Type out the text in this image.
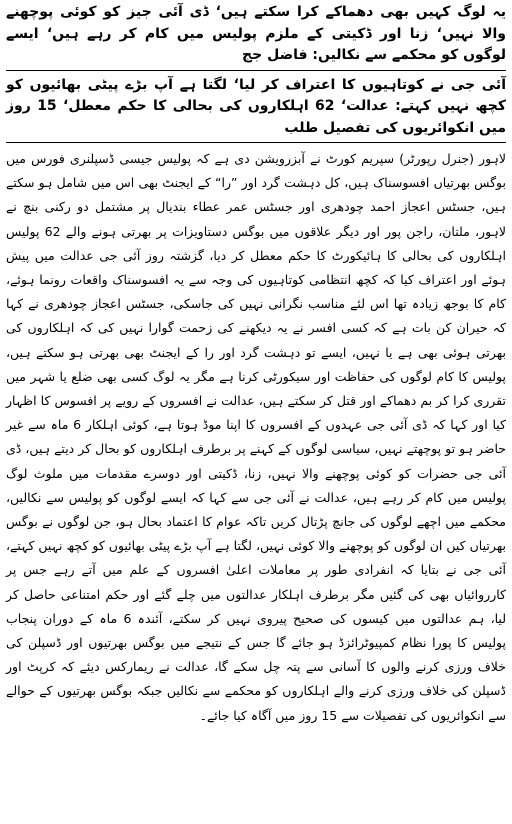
یہ لوگ کہیں بھی دھماکے کرا سکتے ہیں‘ ڈی آئی جیز کو کوئی پوچھنے والا نہیں‘ زنا اور ڈکیتی کے ملزم پولیس میں کام کر رہے ہیں‘ ایسے لوگوں کو محکمے سے نکالیں: فاضل جج

آئی جی نے کوتاہیوں کا اعتراف کر لیا‘ لگتا ہے آپ بڑے پیٹی بھائیوں کو کچھ نہیں کہتے: عدالت‘ 62 اہلکاروں کی بحالی کا حکم معطل‘ 15 روز میں انکوائریوں کی تفصیل طلب

لاہور (جنرل رپورٹر) سپریم کورٹ نے آبزرویشن دی ہے کہ پولیس جیسی ڈسپلنری فورس میں بوگس بھرتیاں افسوسناک ہیں، کل دہشت گرد اور ”را“ کے ایجنٹ بھی اس میں شامل ہو سکتے ہیں، جسٹس اعجاز احمد چودھری اور جسٹس عمر عطاء بندیال پر مشتمل دو رکنی بنچ نے لاہور، ملتان، راجن پور اور دیگر علاقوں میں بوگس دستاویزات پر بھرتی ہونے والے 62 پولیس اہلکاروں کی بحالی کا ہائیکورٹ کا حکم معطل کر دیا، گزشتہ روز آئی جی عدالت میں پیش ہوئے اور اعتراف کیا کہ کچھ انتظامی کوتاہیوں کی وجہ سے یہ افسوسناک واقعات رونما ہوئے، کام کا بوجھ زیادہ تھا اس لئے مناسب نگرانی نہیں کی جاسکی، جسٹس اعجاز چودھری نے کہا کہ حیران کن بات ہے کہ کسی افسر نے یہ دیکھنے کی زحمت گوارا نہیں کی کہ اہلکاروں کی بھرتی ہوئی بھی ہے یا نہیں، ایسے تو دہشت گرد اور را کے ایجنٹ بھی بھرتی ہو سکتے ہیں، پولیس کا کام لوگوں کی حفاظت اور سیکورٹی کرنا ہے مگر یہ لوگ کسی بھی ضلع یا شہر میں تقرری کرا کر بم دھماکے اور قتل کر سکتے ہیں، عدالت نے افسروں کے رویے پر افسوس کا اظہار کیا اور کہا کہ ڈی آئی جی عہدوں کے افسروں کا اپنا موڈ ہوتا ہے، کوئی اہلکار 6 ماہ سے غیر حاضر ہو تو پوچھتے نہیں، سیاسی لوگوں کے کہنے پر برطرف اہلکاروں کو بحال کر دیتے ہیں، ڈی آئی جی حضرات کو کوئی پوچھنے والا نہیں، زنا، ڈکیتی اور دوسرے مقدمات میں ملوث لوگ پولیس میں کام کر رہے ہیں، عدالت نے آئی جی سے کہا کہ ایسے لوگوں کو پولیس سے نکالیں، محکمے میں اچھے لوگوں کی جانچ پڑتال کریں تاکہ عوام کا اعتماد بحال ہو، جن لوگوں نے بوگس بھرتیاں کیں ان لوگوں کو پوچھنے والا کوئی نہیں، لگتا ہے آپ بڑے پیٹی بھائیوں کو کچھ نہیں کہتے، آئی جی نے بتایا کہ انفرادی طور پر معاملات اعلیٰ افسروں کے علم میں آتے رہے جس پر کارروائیاں بھی کی گئیں مگر برطرف اہلکار عدالتوں میں چلے گئے اور حکم امتناعی حاصل کر لیا، ہم عدالتوں میں کیسوں کی صحیح پیروی نہیں کر سکتے، آئندہ 6 ماہ کے دوران پنجاب پولیس کا پورا نظام کمپیوٹرائزڈ ہو جائے گا جس کے نتیجے میں بوگس بھرتیوں اور ڈسپلن کی خلاف ورزی کرنے والوں کا آسانی سے پتہ چل سکے گا، عدالت نے ریمارکس دیئے کہ کرپٹ اور ڈسپلن کی خلاف ورزی کرنے والے اہلکاروں کو محکمے سے نکالیں جبکہ بوگس بھرتیوں کے حوالے سے انکوائریوں کی تفصیلات سے 15 روز میں آگاہ کیا جائے۔
